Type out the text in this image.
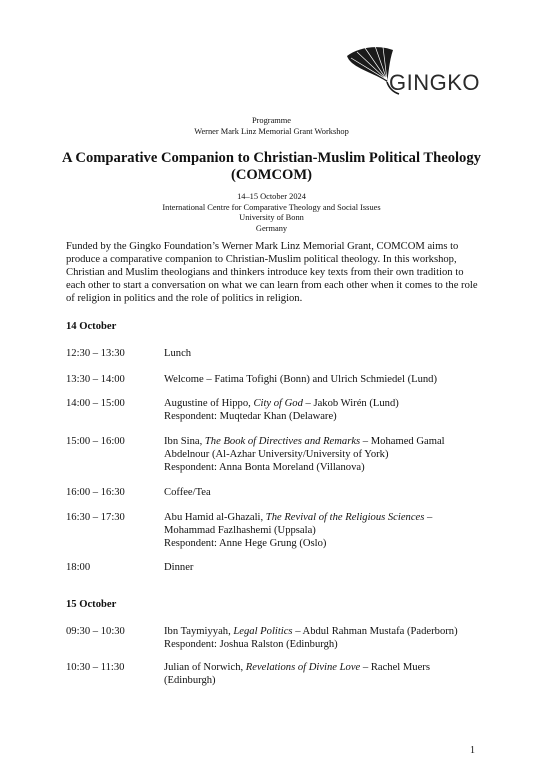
GINGKO
Programme
Werner Mark Linz Memorial Grant Workshop
A Comparative Companion to Christian-Muslim Political Theology
(COMCOM)
14–15 October 2024
International Centre for Comparative Theology and Social Issues
University of Bonn
Germany
Funded by the Gingko Foundation’s Werner Mark Linz Memorial Grant, COMCOM aims to produce a comparative companion to Christian-Muslim political theology. In this workshop, Christian and Muslim theologians and thinkers introduce key texts from their own tradition to each other to start a conversation on what we can learn from each other when it comes to the role of religion in politics and the role of politics in religion.
14 October
12:30 – 13:30	Lunch
13:30 – 14:00	Welcome – Fatima Tofighi (Bonn) and Ulrich Schmiedel (Lund)
14:00 – 15:00	Augustine of Hippo, City of God – Jakob Wirén (Lund)
Respondent: Muqtedar Khan (Delaware)
15:00 – 16:00	Ibn Sina, The Book of Directives and Remarks – Mohamed Gamal
Abdelnour (Al-Azhar University/University of York)
Respondent: Anna Bonta Moreland (Villanova)
16:00 – 16:30	Coffee/Tea
16:30 – 17:30	Abu Hamid al-Ghazali, The Revival of the Religious Sciences –
Mohammad Fazlhashemi (Uppsala)
Respondent: Anne Hege Grung (Oslo)
18:00	Dinner
15 October
09:30 – 10:30	Ibn Taymiyyah, Legal Politics – Abdul Rahman Mustafa (Paderborn)
Respondent: Joshua Ralston (Edinburgh)
10:30 – 11:30	Julian of Norwich, Revelations of Divine Love – Rachel Muers
(Edinburgh)
1
